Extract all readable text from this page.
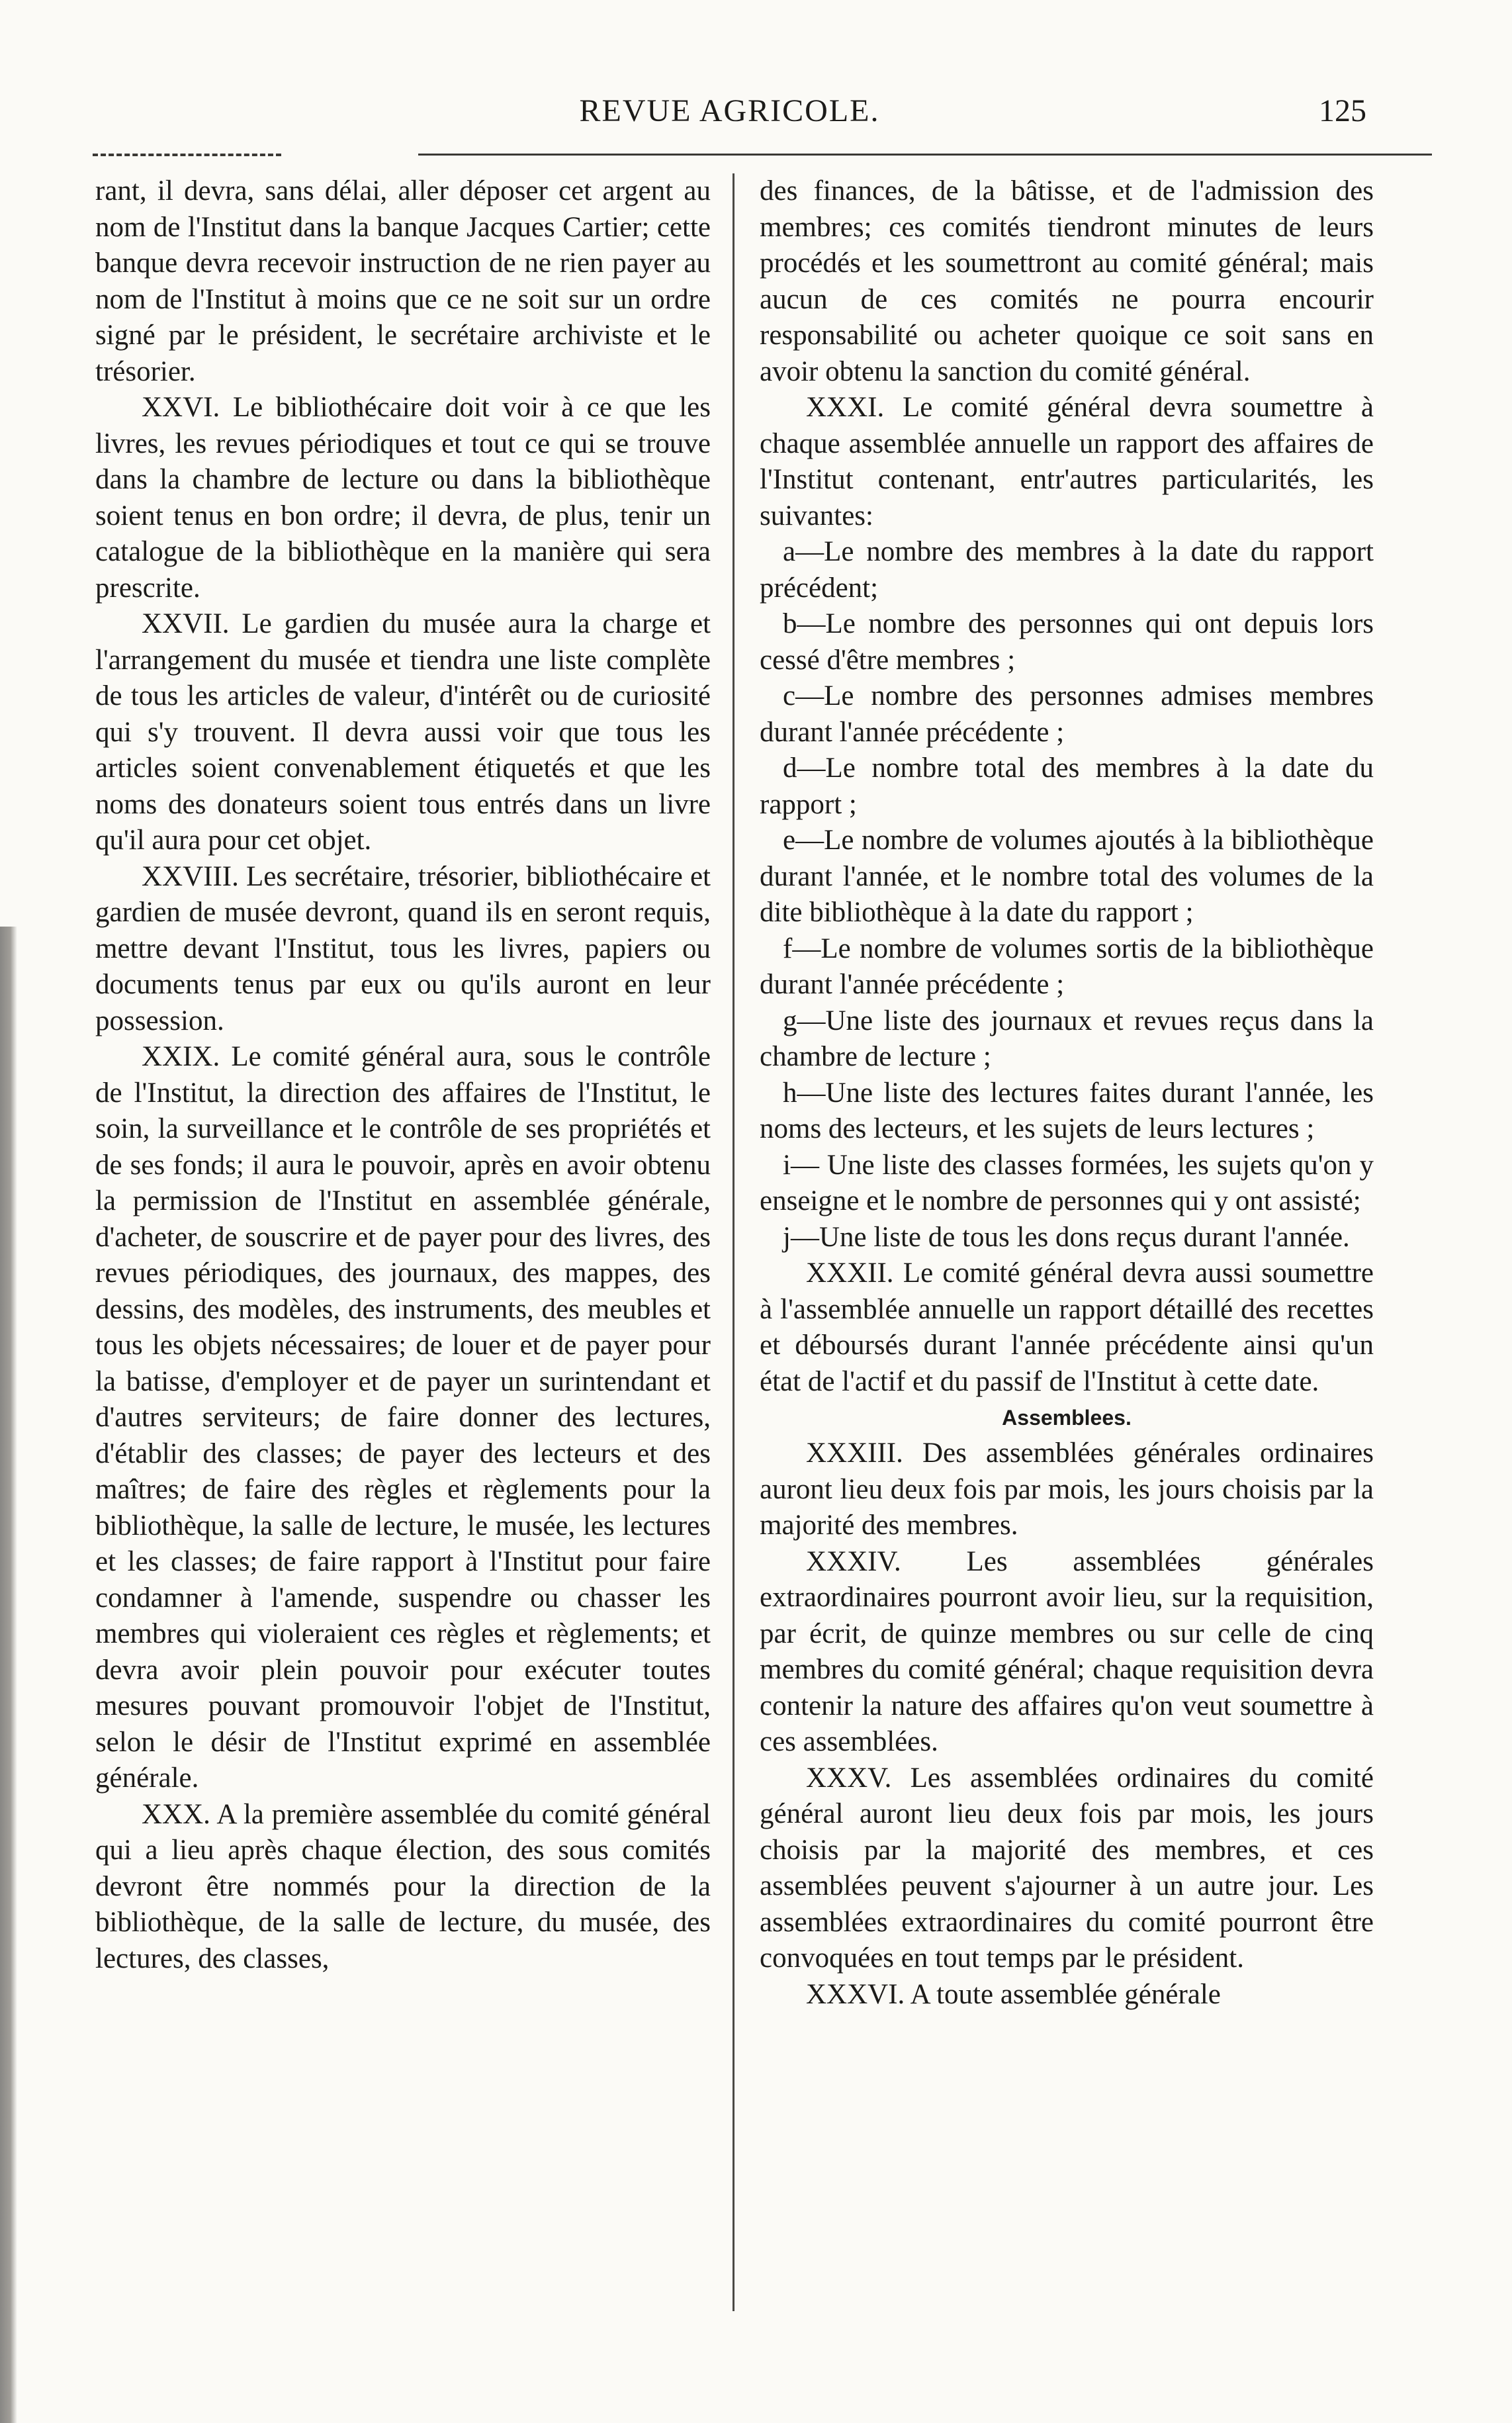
REVUE AGRICOLE.	125

rant, il devra, sans délai, aller déposer cet argent au nom de l'Institut dans la banque Jacques Cartier; cette banque devra recevoir instruction de ne rien payer au nom de l'Institut à moins que ce ne soit sur un ordre signé par le président, le secrétaire archiviste et le trésorier.

XXVI. Le bibliothécaire doit voir à ce que les livres, les revues périodiques et tout ce qui se trouve dans la chambre de lecture ou dans la bibliothèque soient tenus en bon ordre; il devra, de plus, tenir un catalogue de la bibliothèque en la manière qui sera prescrite.

XXVII. Le gardien du musée aura la charge et l'arrangement du musée et tiendra une liste complète de tous les articles de valeur, d'intérêt ou de curiosité qui s'y trouvent. Il devra aussi voir que tous les articles soient convenablement étiquetés et que les noms des donateurs soient tous entrés dans un livre qu'il aura pour cet objet.

XXVIII. Les secrétaire, trésorier, bibliothécaire et gardien de musée devront, quand ils en seront requis, mettre devant l'Institut, tous les livres, papiers ou documents tenus par eux ou qu'ils auront en leur possession.

XXIX. Le comité général aura, sous le contrôle de l'Institut, la direction des affaires de l'Institut, le soin, la surveillance et le contrôle de ses propriétés et de ses fonds; il aura le pouvoir, après en avoir obtenu la permission de l'Institut en assemblée générale, d'acheter, de souscrire et de payer pour des livres, des revues périodiques, des journaux, des mappes, des dessins, des modèles, des instruments, des meubles et tous les objets nécessaires; de louer et de payer pour la batisse, d'employer et de payer un surintendant et d'autres serviteurs; de faire donner des lectures, d'établir des classes; de payer des lecteurs et des maîtres; de faire des règles et règlements pour la bibliothèque, la salle de lecture, le musée, les lectures et les classes; de faire rapport à l'Institut pour faire condamner à l'amende, suspendre ou chasser les membres qui violeraient ces règles et règlements; et devra avoir plein pouvoir pour exécuter toutes mesures pouvant promouvoir l'objet de l'Institut, selon le désir de l'Institut exprimé en assemblée générale.

XXX. A la première assemblée du comité général qui a lieu après chaque élection, des sous comités devront être nommés pour la direction de la bibliothèque, de la salle de lecture, du musée, des lectures, des classes,

des finances, de la bâtisse, et de l'admission des membres; ces comités tiendront minutes de leurs procédés et les soumettront au comité général; mais aucun de ces comités ne pourra encourir responsabilité ou acheter quoique ce soit sans en avoir obtenu la sanction du comité général.

XXXI. Le comité général devra soumettre à chaque assemblée annuelle un rapport des affaires de l'Institut contenant, entr'autres particularités, les suivantes:

a—Le nombre des membres à la date du rapport précédent;

b—Le nombre des personnes qui ont depuis lors cessé d'être membres ;

c—Le nombre des personnes admises membres durant l'année précédente ;

d—Le nombre total des membres à la date du rapport ;

e—Le nombre de volumes ajoutés à la bibliothèque durant l'année, et le nombre total des volumes de la dite bibliothèque à la date du rapport ;

f—Le nombre de volumes sortis de la bibliothèque durant l'année précédente ;

g—Une liste des journaux et revues reçus dans la chambre de lecture ;

h—Une liste des lectures faites durant l'année, les noms des lecteurs, et les sujets de leurs lectures ;

i— Une liste des classes formées, les sujets qu'on y enseigne et le nombre de personnes qui y ont assisté;

j—Une liste de tous les dons reçus durant l'année.

XXXII. Le comité général devra aussi soumettre à l'assemblée annuelle un rapport détaillé des recettes et déboursés durant l'année précédente ainsi qu'un état de l'actif et du passif de l'Institut à cette date.

Assemblees.

XXXIII. Des assemblées générales ordinaires auront lieu deux fois par mois, les jours choisis par la majorité des membres.

XXXIV. Les assemblées générales extraordinaires pourront avoir lieu, sur la requisition, par écrit, de quinze membres ou sur celle de cinq membres du comité général; chaque requisition devra contenir la nature des affaires qu'on veut soumettre à ces assemblées.

XXXV. Les assemblées ordinaires du comité général auront lieu deux fois par mois, les jours choisis par la majorité des membres, et ces assemblées peuvent s'ajourner à un autre jour. Les assemblées extraordinaires du comité pourront être convoquées en tout temps par le président.

XXXVI. A toute assemblée générale
